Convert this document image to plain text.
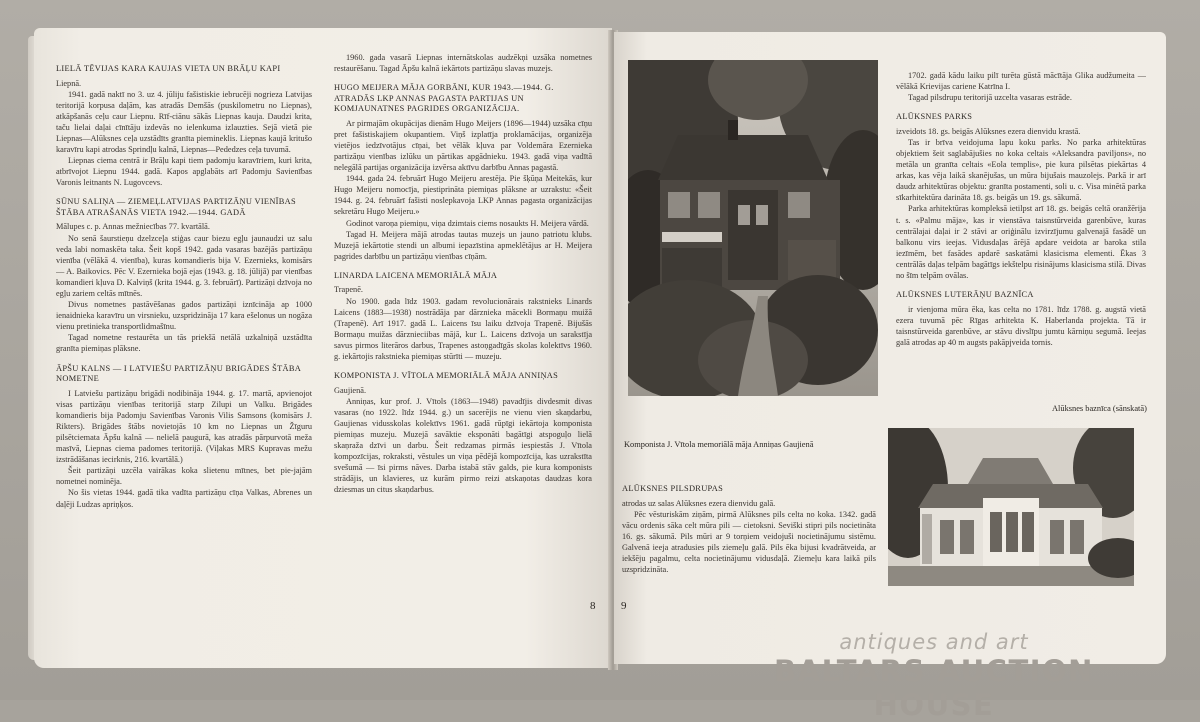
LIELĀ TĒVIJAS KARA KAUJAS VIETA UN BRĀĻU KAPI

Liepnā.

1941. gadā naktī no 3. uz 4. jūliju fašistiskie iebrucēji nogrieza Latvijas teritorijā korpusa daļām, kas atradās Demšās (puskilometru no Liepnas), atkāpšanās ceļu caur Liepnu. Rīf-ciānu sākās Liepnas kauja. Daudzi krita, taču lielai daļai cīnītāju izdevās no ielenkuma izlauzties. Sejā vietā pie Liepnas—Alūksnes ceļa uzstādīts granīta piemineklis. Liepnas kaujā kritušo karavīru kapi atrodas Sprindļu kalnā, Liepnas—Pededzes ceļa tuvumā.

Liepnas ciema centrā ir Brāļu kapi tiem padomju karavīriem, kuri krita, atbrīvojot Liepnu 1944. gadā. Kapos apglabāts arī Padomju Savienības Varonis leitnants N. Lugovcevs.

SŪNU SALIŅA — ZIEMEĻLATVIJAS PARTIZĀŅU VIENĪBAS ŠTĀBA ATRAŠANĀS VIETA 1942.—1944. GADĀ

Mālupes c. p. Annas mežniecības 77. kvartālā.

No senā šaurstieņu dzelzceļa stiģas caur biezu egļu jaunaudzi uz salu veda labi nomaskēta taka. Šeit kopš 1942. gada vasaras bazējās partizāņu vienība (vēlākā 4. vienība), kuras komandieris bija V. Ezernieks, komisārs — A. Baikovics. Pēc V. Ezernieka bojā ejas (1943. g. 18. jūlijā) par vienības komandieri kļuva D. Kalviņš (krita 1944. g. 3. februārī). Partizāņi dzīvoja no egļu zariem celtās mītnēs.

Divus nometnes pastāvēšanas gados partizāņi iznīcināja ap 1000 ienaidnieka karavīru un virsnieku, uzspridzināja 17 kara ešelonus un nogāza vienu pretinieka transportlidmašīnu.

Tagad nometne restaurēta un tās priekšā netālā uzkalniņā uzstādīta granīta piemiņas plāksne.

ĀPŠU KALNS — I LATVIEŠU PARTIZĀŅU BRIGĀDES ŠTĀBA NOMETNE

I Latviešu partizāņu brigādi nodibināja 1944. g. 17. martā, apvienojot visas partizāņu vienības teritorijā starp Zilupi un Valku. Brigādes komandieris bija Padomju Savienības Varonis Vilis Samsons (komisārs J. Rikters). Brigādes štābs novietojās 10 km no Liepnas un Žīguru pilsētciemata Āpšu kalnā — nelielā paugurā, kas atradās pārpurvotā meža masīvā, Liepnas ciema padomes teritorijā. (Viļakas MRS Kupravas mežu izstrādāšanas iecirknis, 216. kvartālā.)

Šeit partizāņi uzcēla vairākas koka slietenu mītnes, bet pie-jajām nometnei nominēja.

No šis vietas 1944. gadā tika vadīta partizāņu cīņa Valkas, Abrenes un daļēji Ludzas apriņķos.

1960. gada vasarā Liepnas internātskolas audzēkņi uzsāka nometnes restaurēšanu. Tagad Āpšu kalnā iekārtots partizāņu slavas muzejs.

HUGO MEIJERA MĀJA GORBĀNI, KUR 1943.—1944. G. ATRADĀS LKP ANNAS PAGASTA PARTIJAS UN KOMJAUNATNES PAGRIDES ORGANIZĀCIJA.

Ar pirmajām okupācijas dienām Hugo Meijers (1896—1944) uzsāka cīņu pret fašistiskajiem okupantiem. Viņš izplatīja proklamācijas, organizēja vietējos iedzīvotājus cīņai, bet vēlāk kļuva par Voldemāra Ezernieka partizāņu vienības izlūku un pārtikas apgādnieku. 1943. gadā viņa vadītā nelegālā partijas organizācija izvērsa aktīvu darbību Annas pagastā.

1944. gada 24. februārī Hugo Meijeru arestēja. Pie šķūņa Meitekās, kur Hugo Meijeru nomocīja, piestiprināta piemiņas plāksne ar uzrakstu: «Šeit 1944. g. 24. februārī fašisti noslepkavoja LKP Annas pagasta organizācijas sekretāru Hugo Meijeru.»

Godinot varoņa piemiņu, viņa dzimtais ciems nosaukts H. Meijera vārdā.

Tagad H. Meijera mājā atrodas tautas muzejs un jauno patriotu klubs. Muzejā iekārtotie stendi un albumi iepazīstina apmeklētājus ar H. Meijera pagrides darbību un partizāņu vienības cīņām.

LINARDA LAICENA MEMORIĀLĀ MĀJA

Trapenē.

No 1900. gada līdz 1903. gadam revolucionārais rakstnieks Linards Laicens (1883—1938) nostrādāja par dārznieka mācekli Bormaņu muižā (Trapenē). Arī 1917. gadā L. Laicens īsu laiku dzīvoja Trapenē. Bijušās Bormaņu muižas dārznieciibas mājā, kur L. Laicens dzīvoja un sarakstīja savus pirmos literāros darbus, Trapenes astoņgadīgās skolas kolektīvs 1960. g. iekārtojis rakstnieka piemiņas stūrīti — muzeju.

KOMPONISTA J. VĪTOLA MEMORIĀLĀ MĀJA ANNIŅAS

Gaujienā.

Anniņas, kur prof. J. Vītols (1863—1948) pavadījis divdesmit divas vasaras (no 1922. līdz 1944. g.) un sacerējis ne vienu vien skaņdarbu, Gaujienas vidusskolas kolektīvs 1961. gadā rūpīgi iekārtoja komponista piemiņas muzeju. Muzejā savāktie eksponāti bagātīgi atspoguļo lielā skaņraža dzīvi un darbu. Šeit redzamas pirmās iespiestās J. Vītola kompozīcijas, rokraksti, vēstules un viņa pēdējā kompozīcija, kas uzrakstīta svešumā — īsi pirms nāves. Darba istabā stāv galds, pie kura komponists strādājis, un klavieres, uz kurām pirmo reizi atskaņotas daudzas kora dziesmas un citus skaņdarbus.

8 9
Komponista J. Vītola memoriālā māja Anniņas Gaujienā

1702. gadā kādu laiku pilī turēta gūstā mācītāja Glika audžumeita — vēlākā Krievijas cariene Katrīna I.

Tagad pilsdrupu teritorijā uzcelta vasaras estrāde.

ALŪKSNES PARKS

izveidots 18. gs. beigās Alūksnes ezera dienvidu krastā.

Tas ir brīva veidojuma lapu koku parks. No parka arhitektūras objektiem šeit saglabājušies no koka celtais «Aleksandra paviljons», no metāla un granīta celtais «Eola templis», pie kura pilsētas piekārtas 4 arkas, kas vēja laikā skanējušas, un mūra bijušais mauzolejs. Parkā ir arī daudz arhitektūras objektu: granīta postamenti, soli u. c. Visa minētā parka sīkarhitektūra darināta 18. gs. beigās un 19. gs. sākumā.

Parka arhitektūras kompleksā ietilpst arī 18. gs. beigās celtā oranžērija t. s. «Palmu māja», kas ir vienstāva taisnstūrveida garenbūve, kuras centrālajai daļai ir 2 stāvi ar oriģinālu izvirzījumu galvenajā fasādē un balkonu virs ieejas. Vidusdaļas ārējā apdare veidota ar baroka stila iezīmēm, bet fasādes apdarē saskatāmi klasicisma elementi. Ēkas 3 centrālās daļas telpām bagātīgs iekštelpu risinājums klasicisma stilā. Divas no šīm telpām ovālas.

ALŪKSNES LUTERĀŅU BAZNĪCA

ir vienjoma mūra ēka, kas celta no 1781. līdz 1788. g. augstā vietā ezera tuvumā pēc Rīgas arhitekta K. Haberlanda projekta. Tā ir taisnstūrveida garenbūve, ar stāvu divslīpu jumtu kārniņu segumā. Ieejas galā atrodas ap 40 m augsts pakāpjveida tornis.

Alūksnes baznīca (sānskatā)
ALŪKSNES PILSDRUPAS

atrodas uz salas Alūksnes ezera dienvidu galā.

Pēc vēsturiskām ziņām, pirmā Alūksnes pils celta no koka. 1342. gadā vācu ordenis sāka celt mūra pili — cietoksni. Seviški stipri pils nocietināta 16. gs. sākumā. Pils mūri ar 9 torņiem veidojuši nocietinājumu sistēmu. Galvenā ieeja atradusies pils ziemeļu galā. Pils ēka bijusi kvadrātveida, ar iekšēju pagalmu, celta nocietinājumu vidusdaļā. Ziemeļu kara laikā pils uzspridzināta.

antiques and art
BALTARS AUCTION HOUSE
